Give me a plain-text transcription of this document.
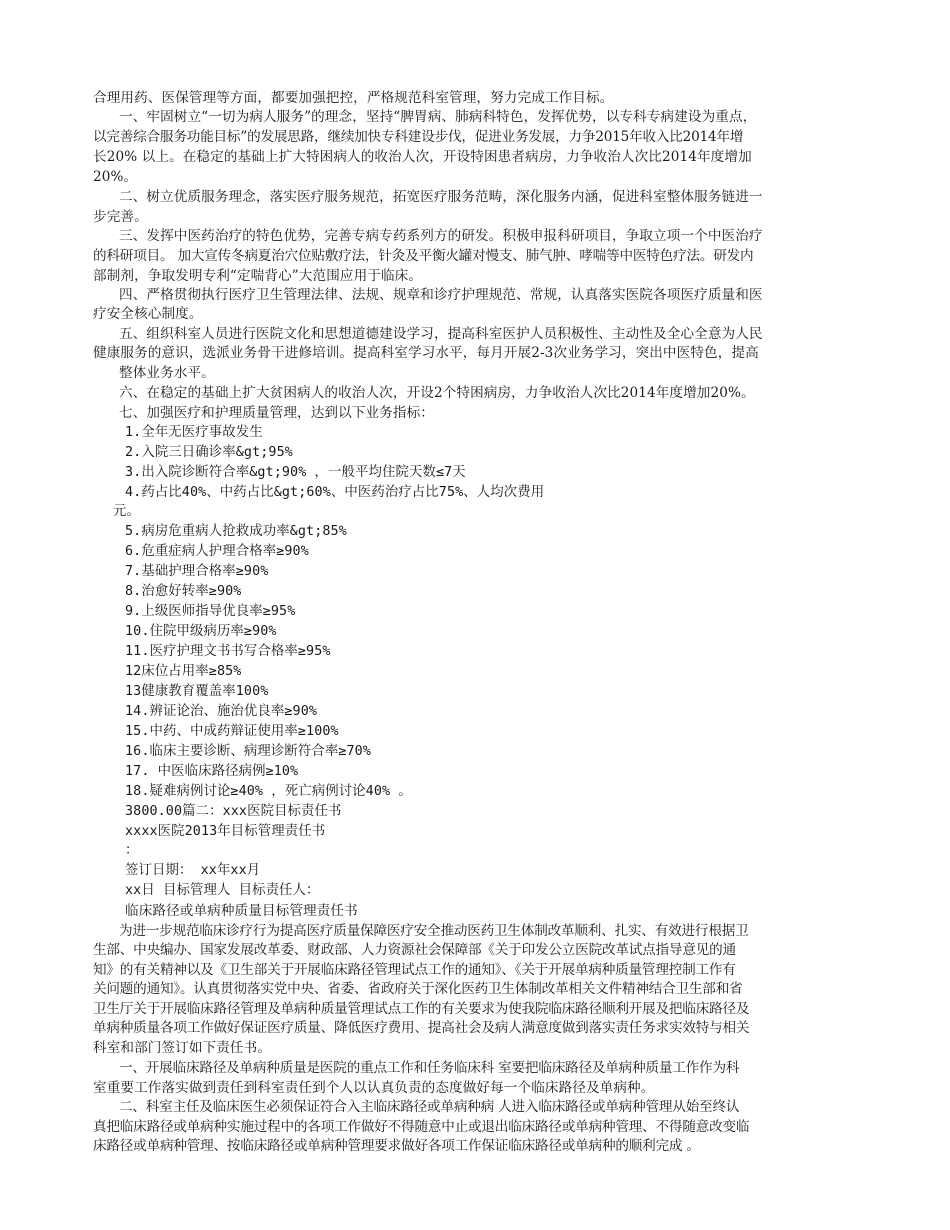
合理用药、医保管理等方面，都要加强把控，严格规范科室管理，努力完成工作目标。
一、牢固树立“一切为病人服务”的理念，坚持“脾胃病、肺病科特色，发挥优势，以专科专病建设为重点，
以完善综合服务功能目标”的发展思路，继续加快专科建设步伐，促进业务发展，力争2015年收入比2014年增
长20% 以上。在稳定的基础上扩大特困病人的收治人次，开设特困患者病房，力争收治人次比2014年度增加
20%。
二、树立优质服务理念，落实医疗服务规范，拓宽医疗服务范畴，深化服务内涵，促进科室整体服务链进一
步完善。
三、发挥中医药治疗的特色优势，完善专病专药系列方的研发。积极申报科研项目，争取立项一个中医治疗
的科研项目。 加大宣传冬病夏治穴位贴敷疗法，针灸及平衡火罐对慢支、肺气肿、哮喘等中医特色疗法。研发内
部制剂，争取发明专利“定喘背心”大范围应用于临床。
四、严格贯彻执行医疗卫生管理法律、法规、规章和诊疗护理规范、常规，认真落实医院各项医疗质量和医
疗安全核心制度。
五、组织科室人员进行医院文化和思想道德建设学习，提高科室医护人员积极性、主动性及全心全意为人民
健康服务的意识，选派业务骨干进修培训。提高科室学习水平，每月开展2-3次业务学习，突出中医特色，提高
整体业务水平。
六、在稳定的基础上扩大贫困病人的收治人次，开设2个特困病房，力争收治人次比2014年度增加20%。
七、加强医疗和护理质量管理，达到以下业务指标：
1.全年无医疗事故发生
2.入院三日确诊率&gt;95%
3.出入院诊断符合率&gt;90% ，一般平均住院天数≤7天
4.药占比40%、中药占比&gt;60%、中医药治疗占比75%、人均次费用
元。
5.病房危重病人抢救成功率&gt;85%
6.危重症病人护理合格率≥90%
7.基础护理合格率≥90%
8.治愈好转率≥90%
9.上级医师指导优良率≥95%
10.住院甲级病历率≥90%
11.医疗护理文书书写合格率≥95%
12床位占用率≥85%
13健康教育覆盖率100%
14.辨证论治、施治优良率≥90%
15.中药、中成药辩证使用率≥100%
16.临床主要诊断、病理诊断符合率≥70%
17. 中医临床路径病例≥10%
18.疑难病例讨论≥40% ，死亡病例讨论40% 。
3800.00篇二：xxx医院目标责任书
xxxx医院2013年目标管理责任书
：
签订日期： xx年xx月
xx日 目标管理人 目标责任人：
临床路径或单病种质量目标管理责任书
为进一步规范临床诊疗行为提高医疗质量保障医疗安全推动医药卫生体制改革顺利、扎实、有效进行根据卫
生部、中央编办、国家发展改革委、财政部、人力资源社会保障部《关于印发公立医院改革试点指导意见的通
知》的有关精神以及《卫生部关于开展临床路径管理试点工作的通知》、《关于开展单病种质量管理控制工作有
关问题的通知》。认真贯彻落实党中央、省委、省政府关于深化医药卫生体制改革相关文件精神结合卫生部和省
卫生厅关于开展临床路径管理及单病种质量管理试点工作的有关要求为使我院临床路径顺利开展及把临床路径及
单病种质量各项工作做好保证医疗质量、降低医疗费用、提高社会及病人满意度做到落实责任务求实效特与相关
科室和部门签订如下责任书。
一、开展临床路径及单病种质量是医院的重点工作和任务临床科 室要把临床路径及单病种质量工作作为科
室重要工作落实做到责任到科室责任到个人以认真负责的态度做好每一个临床路径及单病种。
二、科室主任及临床医生必须保证符合入主临床路径或单病种病 人进入临床路径或单病种管理从始至终认
真把临床路径或单病种实施过程中的各项工作做好不得随意中止或退出临床路径或单病种管理、不得随意改变临
床路径或单病种管理、按临床路径或单病种管理要求做好各项工作保证临床路径或单病种的顺利完成 。
